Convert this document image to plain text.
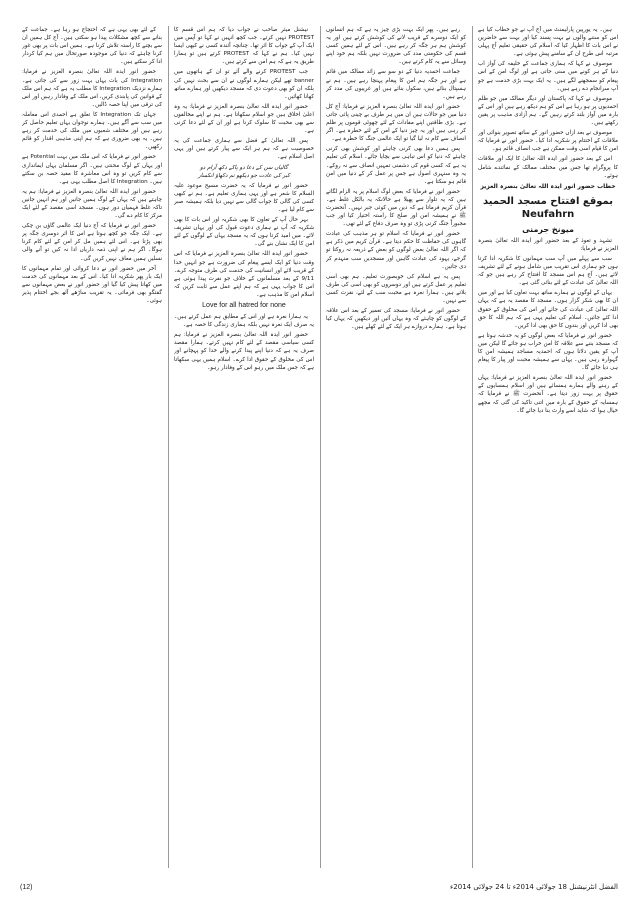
ہیں۔ یہ یورپین پارلیمنٹ میں آج آپ نے جو خطاب کیا ہے اس کو سننے والوں نے بہت پسند کیا اور بہت سے حاضرین نے اس بات کا اظہار کیا کہ اسلام کی حقیقی تعلیم آج پہلی مرتبہ اس طرح ان کے سامنے پیش ہوئی ہے۔

موصوف نے کہا کہ ہماری جماعت کے خلیفہ کی آواز اب دنیا کے ہر کونے میں سنی جاتی ہے اور لوگ امن کے اس پیغام کو سمجھنے لگے ہیں۔ یہ ایک بہت بڑی خدمت ہے جو آپ سرانجام دے رہے ہیں۔

موصوف نے کہا کہ پاکستان اور دیگر ممالک میں جو ظلم احمدیوں پر ہو رہا ہے اس کو ہم دیکھ رہے ہیں اور اس کے بارہ میں آواز بلند کرتے رہیں گے۔ ہم آزادی مذہب پر یقین رکھتے ہیں۔

موصوف نے بعد ازاں حضور انور کے ساتھ تصویر بنوائی اور ملاقات کے اختتام پر شکریہ ادا کیا۔ حضور انور نے فرمایا کہ امن کا قیام اسی وقت ممکن ہے جب انصاف قائم ہو۔

اس کے بعد حضور انور ایدہ اللہ تعالیٰ کا ایک اور ملاقات کا پروگرام تھا جس میں مختلف ممالک کے نمائندے شامل ہوئے۔

خطاب حضور انور ایدہ اللہ تعالیٰ بنصرہ العزیز
بموقع افتتاح مسجد الحمید Neufahrn
میونخ جرمنی

تشہد و تعوذ کے بعد حضور انور ایدہ اللہ تعالیٰ بنصرہ العزیز نے فرمایا:

سب سے پہلے میں آپ سب مہمانوں کا شکریہ ادا کرتا ہوں جو ہماری اس تقریب میں شامل ہونے کے لئے تشریف لائے ہیں۔ آج ہم اس مسجد کا افتتاح کر رہے ہیں جو کہ اللہ تعالیٰ کی عبادت کے لئے بنائی گئی ہے۔

یہاں کے لوگوں نے ہمارے ساتھ بہت تعاون کیا ہے اور میں ان کا بھی شکر گزار ہوں۔ مسجد کا مقصد یہ ہے کہ یہاں اللہ تعالیٰ کی عبادت کی جائے اور اس کی مخلوق کے حقوق ادا کئے جائیں۔ اسلام کی تعلیم یہی ہے کہ ہم اللہ کا حق بھی ادا کریں اور بندوں کا حق بھی ادا کریں۔

حضور انور نے فرمایا کہ بعض لوگوں کو یہ خدشہ ہوتا ہے کہ مسجد بننے سے علاقہ کا امن خراب ہو جائے گا لیکن میں آپ کو یقین دلاتا ہوں کہ احمدیہ مساجد ہمیشہ امن کا گہوارہ رہی ہیں۔ یہاں سے ہمیشہ محبت اور پیار کا پیغام ہی دیا جائے گا۔

حضور انور ایدہ اللہ تعالیٰ بنصرہ العزیز نے فرمایا: یہاں کے رہنے والے ہمارے ہمسائے ہیں اور اسلام ہمسایوں کے حقوق پر بہت زور دیتا ہے۔ آنحضرت ﷺ نے فرمایا کہ ہمسایہ کے حقوق کے بارہ میں اتنی تاکید کی گئی کہ مجھے خیال ہوا کہ شاید اسے وارث بنا دیا جائے گا۔

رہے ہیں۔ پھر ایک بہت بڑی چیز یہ ہے کہ ہم انسانوں کو ایک دوسرے کے قریب لانے کی کوشش کرتے ہیں اور یہ کوشش ہم ہر جگہ کر رہے ہیں۔ اس کے لئے ہمیں کسی قسم کی حکومتی مدد کی ضرورت نہیں بلکہ ہم خود اپنے وسائل سے یہ کام کرتے ہیں۔

جماعت احمدیہ دنیا کے دو سو سے زائد ممالک میں قائم ہے اور ہر جگہ ہم امن کا پیغام پہنچا رہے ہیں۔ ہم نے ہسپتال بنائے ہیں، سکول بنائے ہیں اور غریبوں کی مدد کر رہے ہیں۔

حضور انور ایدہ اللہ تعالیٰ بنصرہ العزیز نے فرمایا: آج کل دنیا میں جو حالات ہیں ان میں ہر طرف بے چینی پائی جاتی ہے۔ بڑی طاقتیں اپنے مفادات کے لئے چھوٹی قوموں پر ظلم کر رہی ہیں اور یہ چیز دنیا کے امن کے لئے خطرہ ہے۔ اگر انصاف سے کام نہ لیا گیا تو ایک عالمی جنگ کا خطرہ ہے۔

پس ہمیں دعا بھی کرنی چاہئے اور کوشش بھی کرنی چاہئے کہ دنیا کو اس تباہی سے بچایا جائے۔ اسلام کی تعلیم یہ ہے کہ کسی قوم کی دشمنی تمہیں انصاف سے نہ روکے۔ یہ وہ سنہری اصول ہے جس پر عمل کر کے دنیا میں امن قائم ہو سکتا ہے۔

حضور انور نے فرمایا کہ بعض لوگ اسلام پر یہ الزام لگاتے ہیں کہ یہ تلوار سے پھیلا ہے حالانکہ یہ بالکل غلط ہے۔ قرآن کریم فرماتا ہے کہ دین میں کوئی جبر نہیں۔ آنحضرت ﷺ نے ہمیشہ امن اور صلح کا راستہ اختیار کیا اور جب مجبوراً جنگ کرنی پڑی تو وہ صرف دفاع کے لئے تھی۔

حضور انور نے فرمایا کہ اسلام تو ہر مذہب کی عبادت گاہوں کی حفاظت کا حکم دیتا ہے۔ قرآن کریم میں ذکر ہے کہ اگر اللہ تعالیٰ بعض لوگوں کو بعض کے ذریعہ نہ روکتا تو گرجے، یہود کی عبادت گاہیں اور مسجدیں سب منہدم کر دی جاتیں۔

پس یہ ہے اسلام کی خوبصورت تعلیم۔ ہم بھی اسی تعلیم پر عمل کرتے ہیں اور دوسروں کو بھی اسی کی طرف بلاتے ہیں۔ ہمارا نعرہ ہے محبت سب کے لئے، نفرت کسی سے نہیں۔

حضور انور نے فرمایا: مسجد کی تعمیر کے بعد اس علاقہ کے لوگوں کو چاہئے کہ وہ یہاں آئیں اور دیکھیں کہ یہاں کیا ہوتا ہے۔ ہمارے دروازے ہر ایک کے لئے کھلے ہیں۔

نیشنل میئر صاحب نے جواب دیا کہ ہم اس قسم کا PROTEST نہیں کرتے۔ جب کچھ انہیں نے کہا تو آپس میں ایک آپ کے جواب کا اثر تھا۔ چنانچہ آئندہ کسی نے کبھی ایسا نہیں کیا۔ ہم نے کہا کہ PROTEST کرتے ہیں تو ہمارا طریق یہ ہے کہ ہم امن سے کرتے ہیں۔

جب PROTEST کرنے والے آئے تو ان کے ہاتھوں میں banner تھے لیکن ہمارے لوگوں نے ان سے بحث نہیں کی بلکہ ان کو بھی دعوت دی کہ مسجد دیکھیں اور ہمارے ساتھ کھانا کھائیں۔

حضور انور ایدہ اللہ تعالیٰ بنصرہ العزیز نے فرمایا: یہ وہ اعلیٰ اخلاق ہیں جو اسلام سکھاتا ہے۔ ہم نے اپنے مخالفوں سے بھی محبت کا سلوک کرنا ہے اور ان کے لئے دعا کرنی ہے۔

پس اللہ تعالیٰ کے فضل سے ہماری جماعت کی یہ خصوصیت ہے کہ ہم ہر ایک سے پیار کرتے ہیں اور یہی اصل اسلام ہے۔

گالیاں سن کے دعا دو پاکے دکھ آرام دو
کبر کی عادت جو دیکھو تم دکھاؤ انکسار

حضور انور نے فرمایا کہ یہ حضرت مسیح موعود علیہ السلام کا شعر ہے اور یہی ہماری تعلیم ہے۔ ہم نے کبھی کسی کی گالی کا جواب گالی سے نہیں دیا بلکہ ہمیشہ صبر سے کام لیا ہے۔

بہر حال آپ کے تعاون کا بھی شکریہ اور اس بات کا بھی شکریہ کہ آپ نے ہماری دعوت قبول کی اور یہاں تشریف لائے۔ میں امید کرتا ہوں کہ یہ مسجد یہاں کے لوگوں کے لئے امن کا ایک نشان بنے گی۔

حضور انور ایدہ اللہ تعالیٰ بنصرہ العزیز نے فرمایا کہ اس وقت دنیا کو ایک ایسے پیغام کی ضرورت ہے جو انہیں خدا کے قریب لائے اور انسانیت کی خدمت کی طرف متوجہ کرے۔ 9/11 کے بعد مسلمانوں کے خلاف جو نفرت پیدا ہوئی ہے اس کا جواب یہی ہے کہ ہم اپنے عمل سے ثابت کریں کہ اسلام امن کا مذہب ہے۔

Love for all hatred for none

یہ ہمارا نعرہ ہے اور اس کے مطابق ہم عمل کرتے ہیں۔ یہ صرف ایک نعرہ نہیں بلکہ ہماری زندگی کا حصہ ہے۔

حضور انور ایدہ اللہ تعالیٰ بنصرہ العزیز نے فرمایا: ہم کسی سیاسی مقصد کے لئے کام نہیں کرتے۔ ہمارا مقصد صرف یہ ہے کہ دنیا اپنے پیدا کرنے والے خدا کو پہچانے اور اس کی مخلوق کے حقوق ادا کرے۔ اسلام ہمیں یہی سکھاتا ہے کہ جس ملک میں رہو اس کے وفادار رہو۔

کے لئے بھی یہی ہے کہ احتجاج ہو رہا ہے۔ جماعت کے بنانے سے کچھ مشکلات پیدا ہو سکتی ہیں۔ آج کل ہمیں ان سے بچنے کا راستہ تلاش کرنا ہے۔ ہمیں اس بات پر بھی غور کرنا چاہئے کہ دنیا کی موجودہ صورتحال میں ہم کیا کردار ادا کر سکتے ہیں۔

حضور انور ایدہ اللہ تعالیٰ بنصرہ العزیز نے فرمایا: Integration کی بات یہاں بہت زور سے کی جاتی ہے۔ ہمارے نزدیک Integration کا مطلب یہ ہے کہ ہم اس ملک کے قوانین کی پابندی کریں، اس ملک کے وفادار رہیں اور اس کی ترقی میں اپنا حصہ ڈالیں۔

جہاں تک Integration کا تعلق ہے احمدی اس معاملہ میں سب سے آگے ہیں۔ ہمارے نوجوان یہاں تعلیم حاصل کر رہے ہیں اور مختلف شعبوں میں ملک کی خدمت کر رہے ہیں۔ یہ بھی ضروری ہے کہ ہم اپنی مذہبی اقدار کو قائم رکھیں۔

حضور انور نے فرمایا کہ اس ملک میں بہت Potential ہے اور یہاں کے لوگ محنتی ہیں۔ اگر مسلمان یہاں ایمانداری سے کام کریں تو وہ اس معاشرہ کا مفید حصہ بن سکتے ہیں۔ Integration کا اصل مطلب یہی ہے۔

حضور انور ایدہ اللہ تعالیٰ بنصرہ العزیز نے فرمایا: ہم یہ چاہتے ہیں کہ یہاں کے لوگ ہمیں جانیں اور ہم انہیں جانیں تاکہ غلط فہمیاں دور ہوں۔ مسجد اسی مقصد کے لئے ایک مرکز کا کام دے گی۔

حضور انور نے فرمایا کہ آج دنیا ایک عالمی گاؤں بن چکی ہے۔ ایک جگہ جو کچھ ہوتا ہے اس کا اثر دوسری جگہ پر بھی پڑتا ہے۔ اس لئے ہمیں مل کر امن کے لئے کام کرنا ہوگا۔ اگر ہم نے اپنی ذمہ داریاں ادا نہ کیں تو آنے والی نسلیں ہمیں معاف نہیں کریں گی۔

آخر میں حضور انور نے دعا کروائی اور تمام مہمانوں کا ایک بار پھر شکریہ ادا کیا۔ اس کے بعد مہمانوں کی خدمت میں کھانا پیش کیا گیا اور حضور انور نے بعض مہمانوں سے گفتگو بھی فرمائی۔ یہ تقریب ساڑھے آٹھ بجے اختتام پذیر ہوئی۔

(12)	الفضل انٹرنیشنل 18 جولائی 2014ء تا 24 جولائی 2014ء
